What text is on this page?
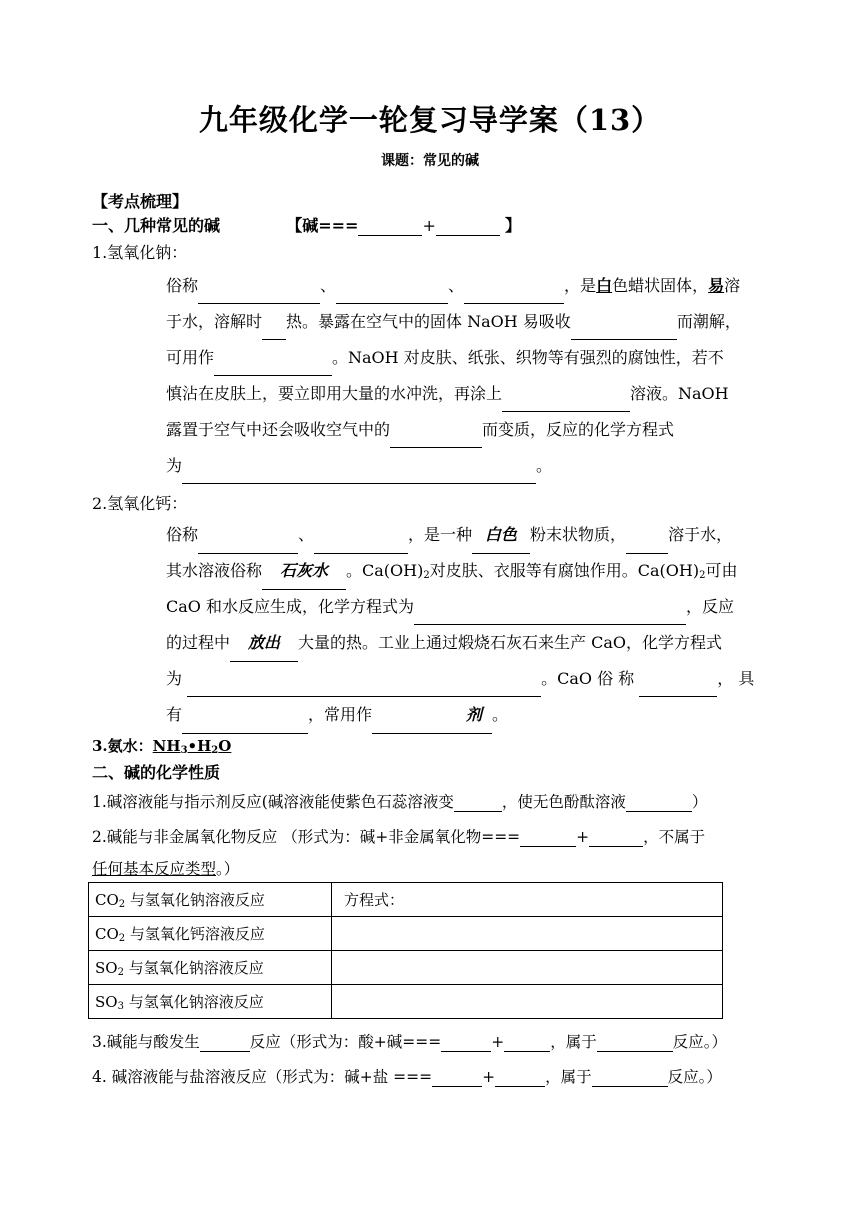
九年级化学一轮复习导学案（13）
课题：常见的碱
【考点梳理】
一、几种常见的碱	【碱===	+	】
1.氢氧化钠：
俗称	、	、	，是白色蜡状固体，易溶
于水，溶解时 热。暴露在空气中的固体 NaOH 易吸收	而潮解，
可用作	。NaOH 对皮肤、纸张、织物等有强烈的腐蚀性，若不
慎沾在皮肤上，要立即用大量的水冲洗，再涂上	溶液。NaOH
露置于空气中还会吸收空气中的	而变质，反应的化学方程式
为	。
2.氢氧化钙：
俗称	、	，是一种 白色 粉末状物质，	溶于水，
其水溶液俗称 石灰水 。$Ca(OH)_2$对皮肤、衣服等有腐蚀作用。$Ca(OH)_2$可由
CaO 和水反应生成，化学方程式为	，反应
的过程中 放出 大量的热。工业上通过煅烧石灰石来生产 CaO，化学方程式
为	。CaO 俗 称	， 具
有	，常用作	剂 。
3.氨水：$NH_3•H_2O$
二、碱的化学性质
1.碱溶液能与指示剂反应(碱溶液能使紫色石蕊溶液变	，使无色酚酞溶液	）
2.碱能与非金属氧化物反应 （形式为：碱+非金属氧化物===	+	，不属于
任何基本反应类型。）
$CO_2$ 与氢氧化钠溶液反应	方程式：
$CO_2$ 与氢氧化钙溶液反应	
$SO_2$ 与氢氧化钠溶液反应	
$SO_3$ 与氢氧化钠溶液反应	
3.碱能与酸发生	反应（形式为：酸+碱===	+	，属于	反应。）
4. 碱溶液能与盐溶液反应（形式为：碱+盐 ===	+	，属于	反应。）
